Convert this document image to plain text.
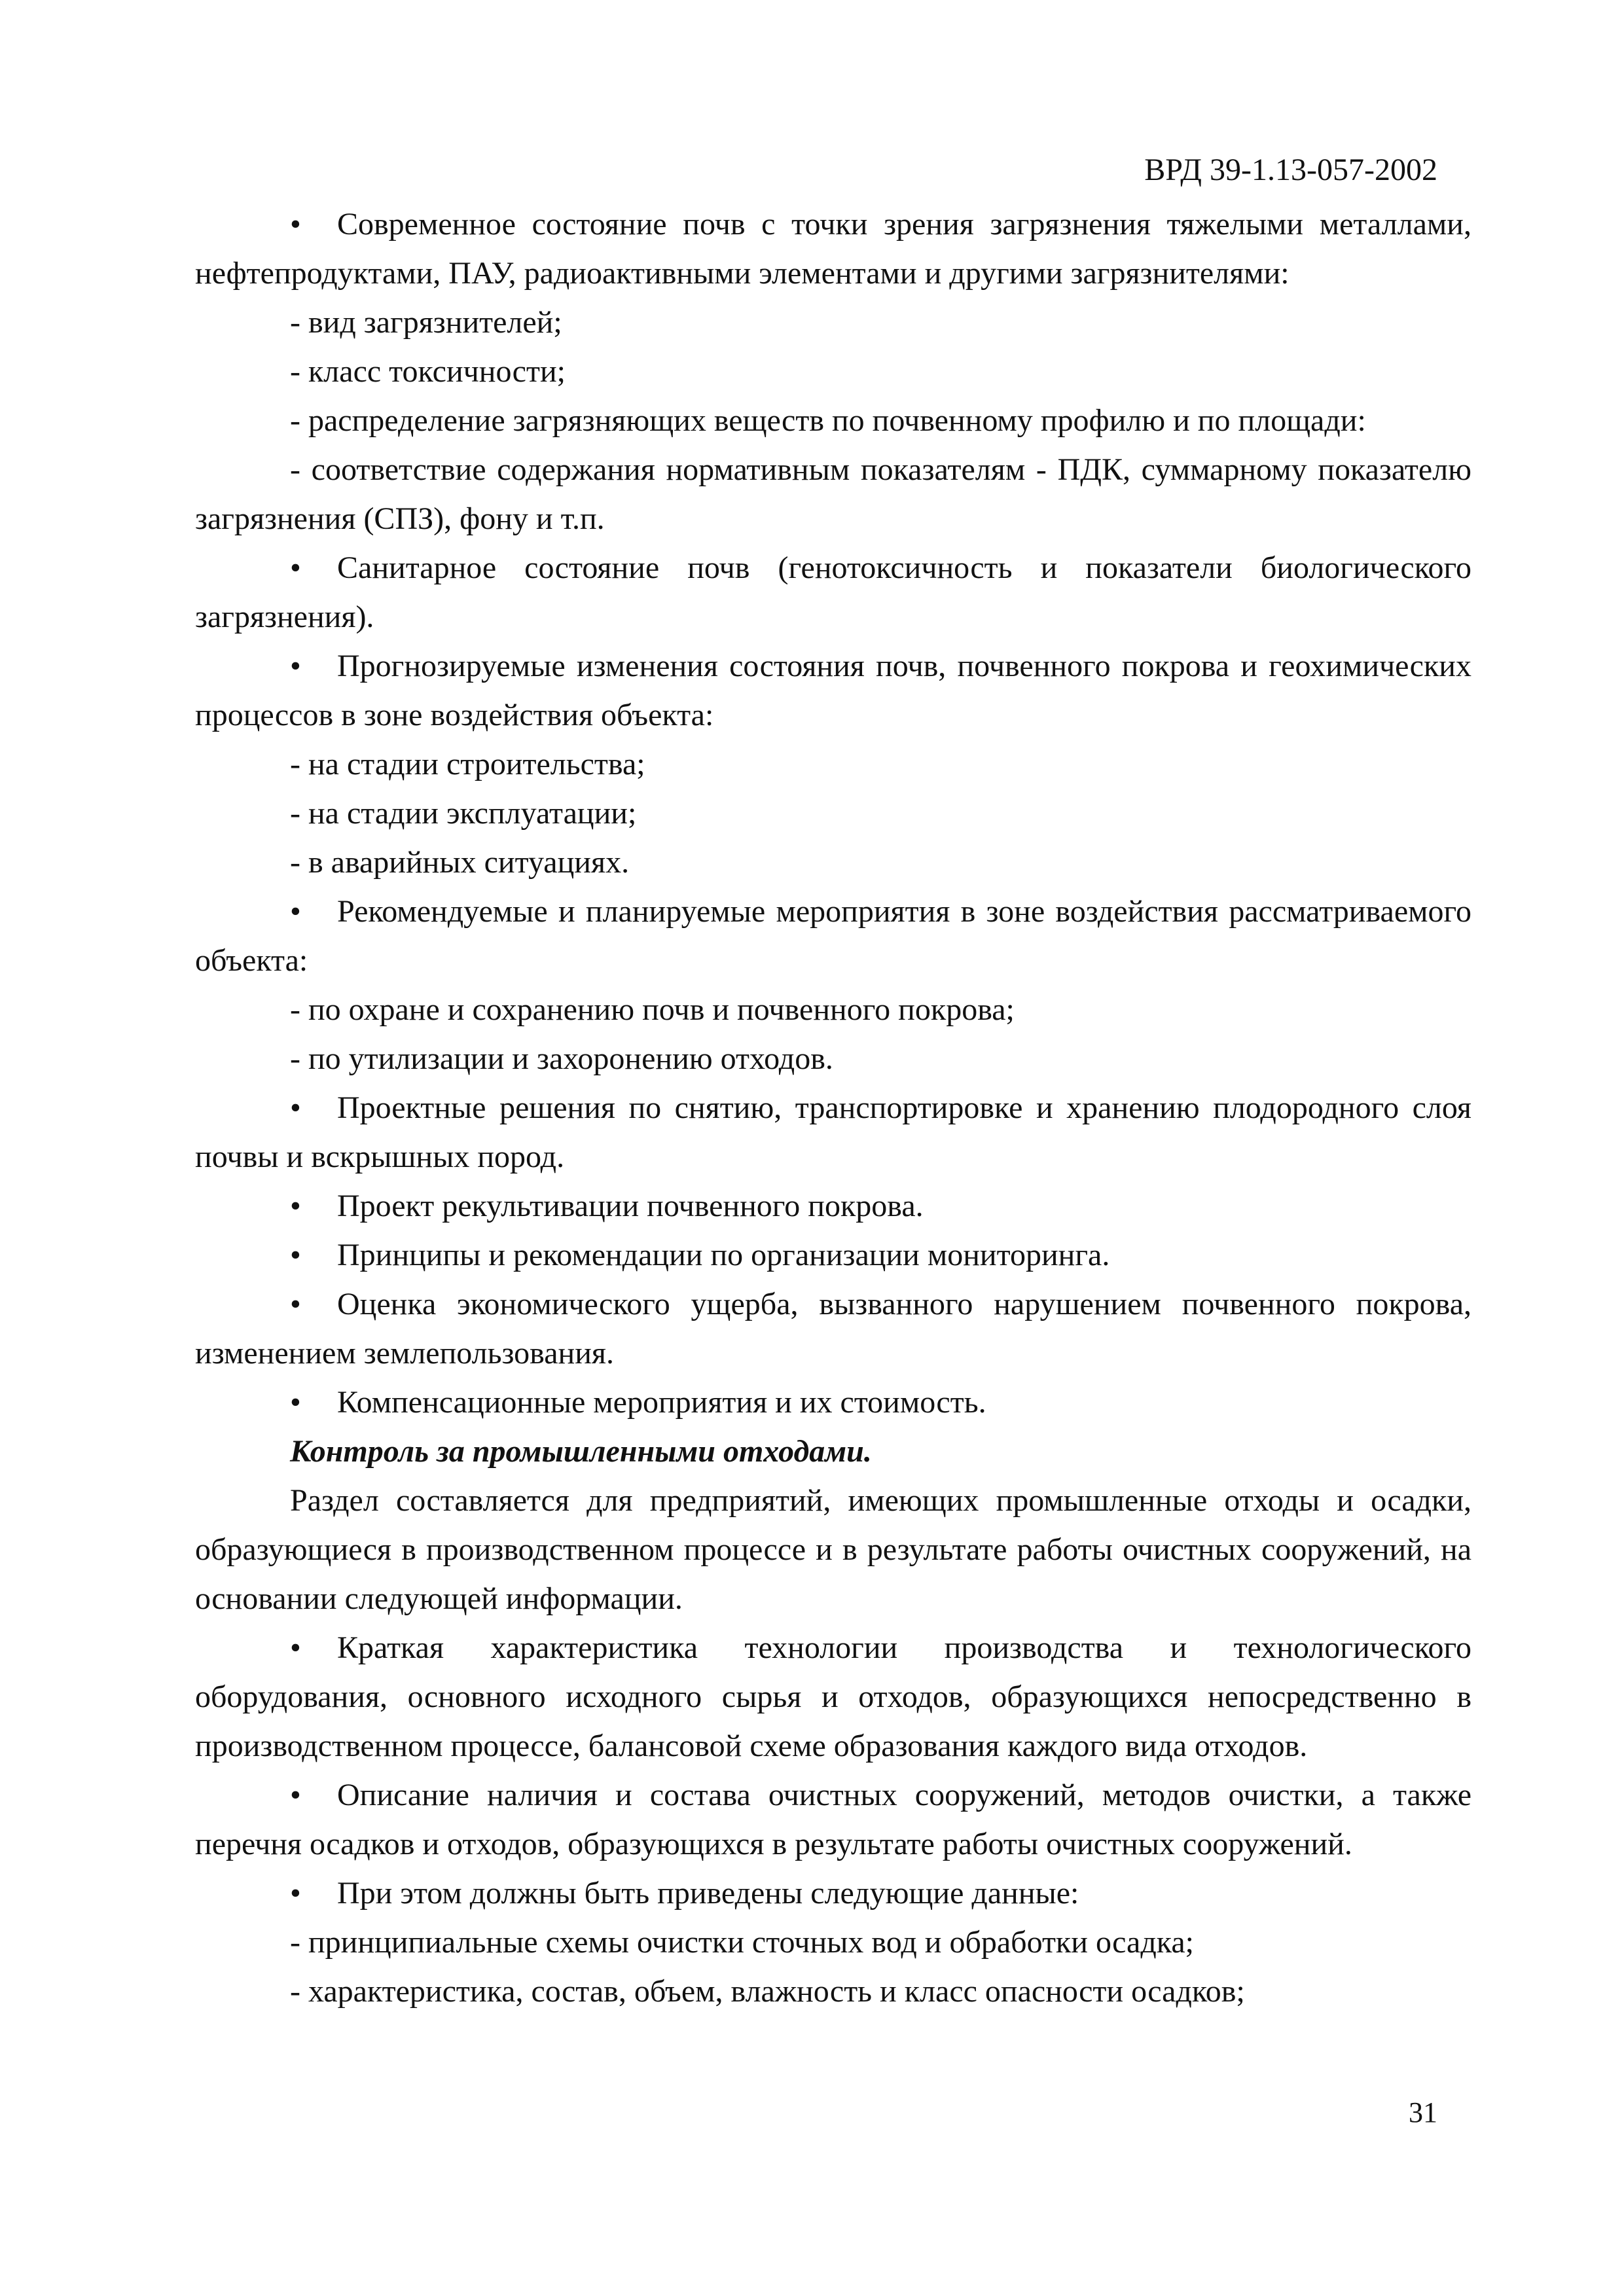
ВРД 39-1.13-057-2002

• Современное состояние почв с точки зрения загрязнения тяжелыми металлами, нефтепродуктами, ПАУ, радиоактивными элементами и другими загрязнителями:

- вид загрязнителей;

- класс токсичности;

- распределение загрязняющих веществ по почвенному профилю и по площади:

- соответствие содержания нормативным показателям - ПДК, суммарному показателю загрязнения (СПЗ), фону и т.п.

• Санитарное состояние почв (генотоксичность и показатели биологического загрязнения).

• Прогнозируемые изменения состояния почв, почвенного покрова и геохимических процессов в зоне воздействия объекта:

- на стадии строительства;

- на стадии эксплуатации;

- в аварийных ситуациях.

• Рекомендуемые и планируемые мероприятия в зоне воздействия рассматриваемого объекта:

- по охране и сохранению почв и почвенного покрова;

- по утилизации и захоронению отходов.

• Проектные решения по снятию, транспортировке и хранению плодородного слоя почвы и вскрышных пород.

• Проект рекультивации почвенного покрова.

• Принципы и рекомендации по организации мониторинга.

• Оценка экономического ущерба, вызванного нарушением почвенного покрова, изменением землепользования.

• Компенсационные мероприятия и их стоимость.

Контроль за промышленными отходами.

Раздел составляется для предприятий, имеющих промышленные отходы и осадки, образующиеся в производственном процессе и в результате работы очистных сооружений, на основании следующей информации.

• Краткая характеристика технологии производства и технологического оборудования, основного исходного сырья и отходов, образующихся непосредственно в производственном процессе, балансовой схеме образования каждого вида отходов.

• Описание наличия и состава очистных сооружений, методов очистки, а также перечня осадков и отходов, образующихся в результате работы очистных сооружений.

• При этом должны быть приведены следующие данные:

- принципиальные схемы очистки сточных вод и обработки осадка;

- характеристика, состав, объем, влажность и класс опасности осадков;

31
